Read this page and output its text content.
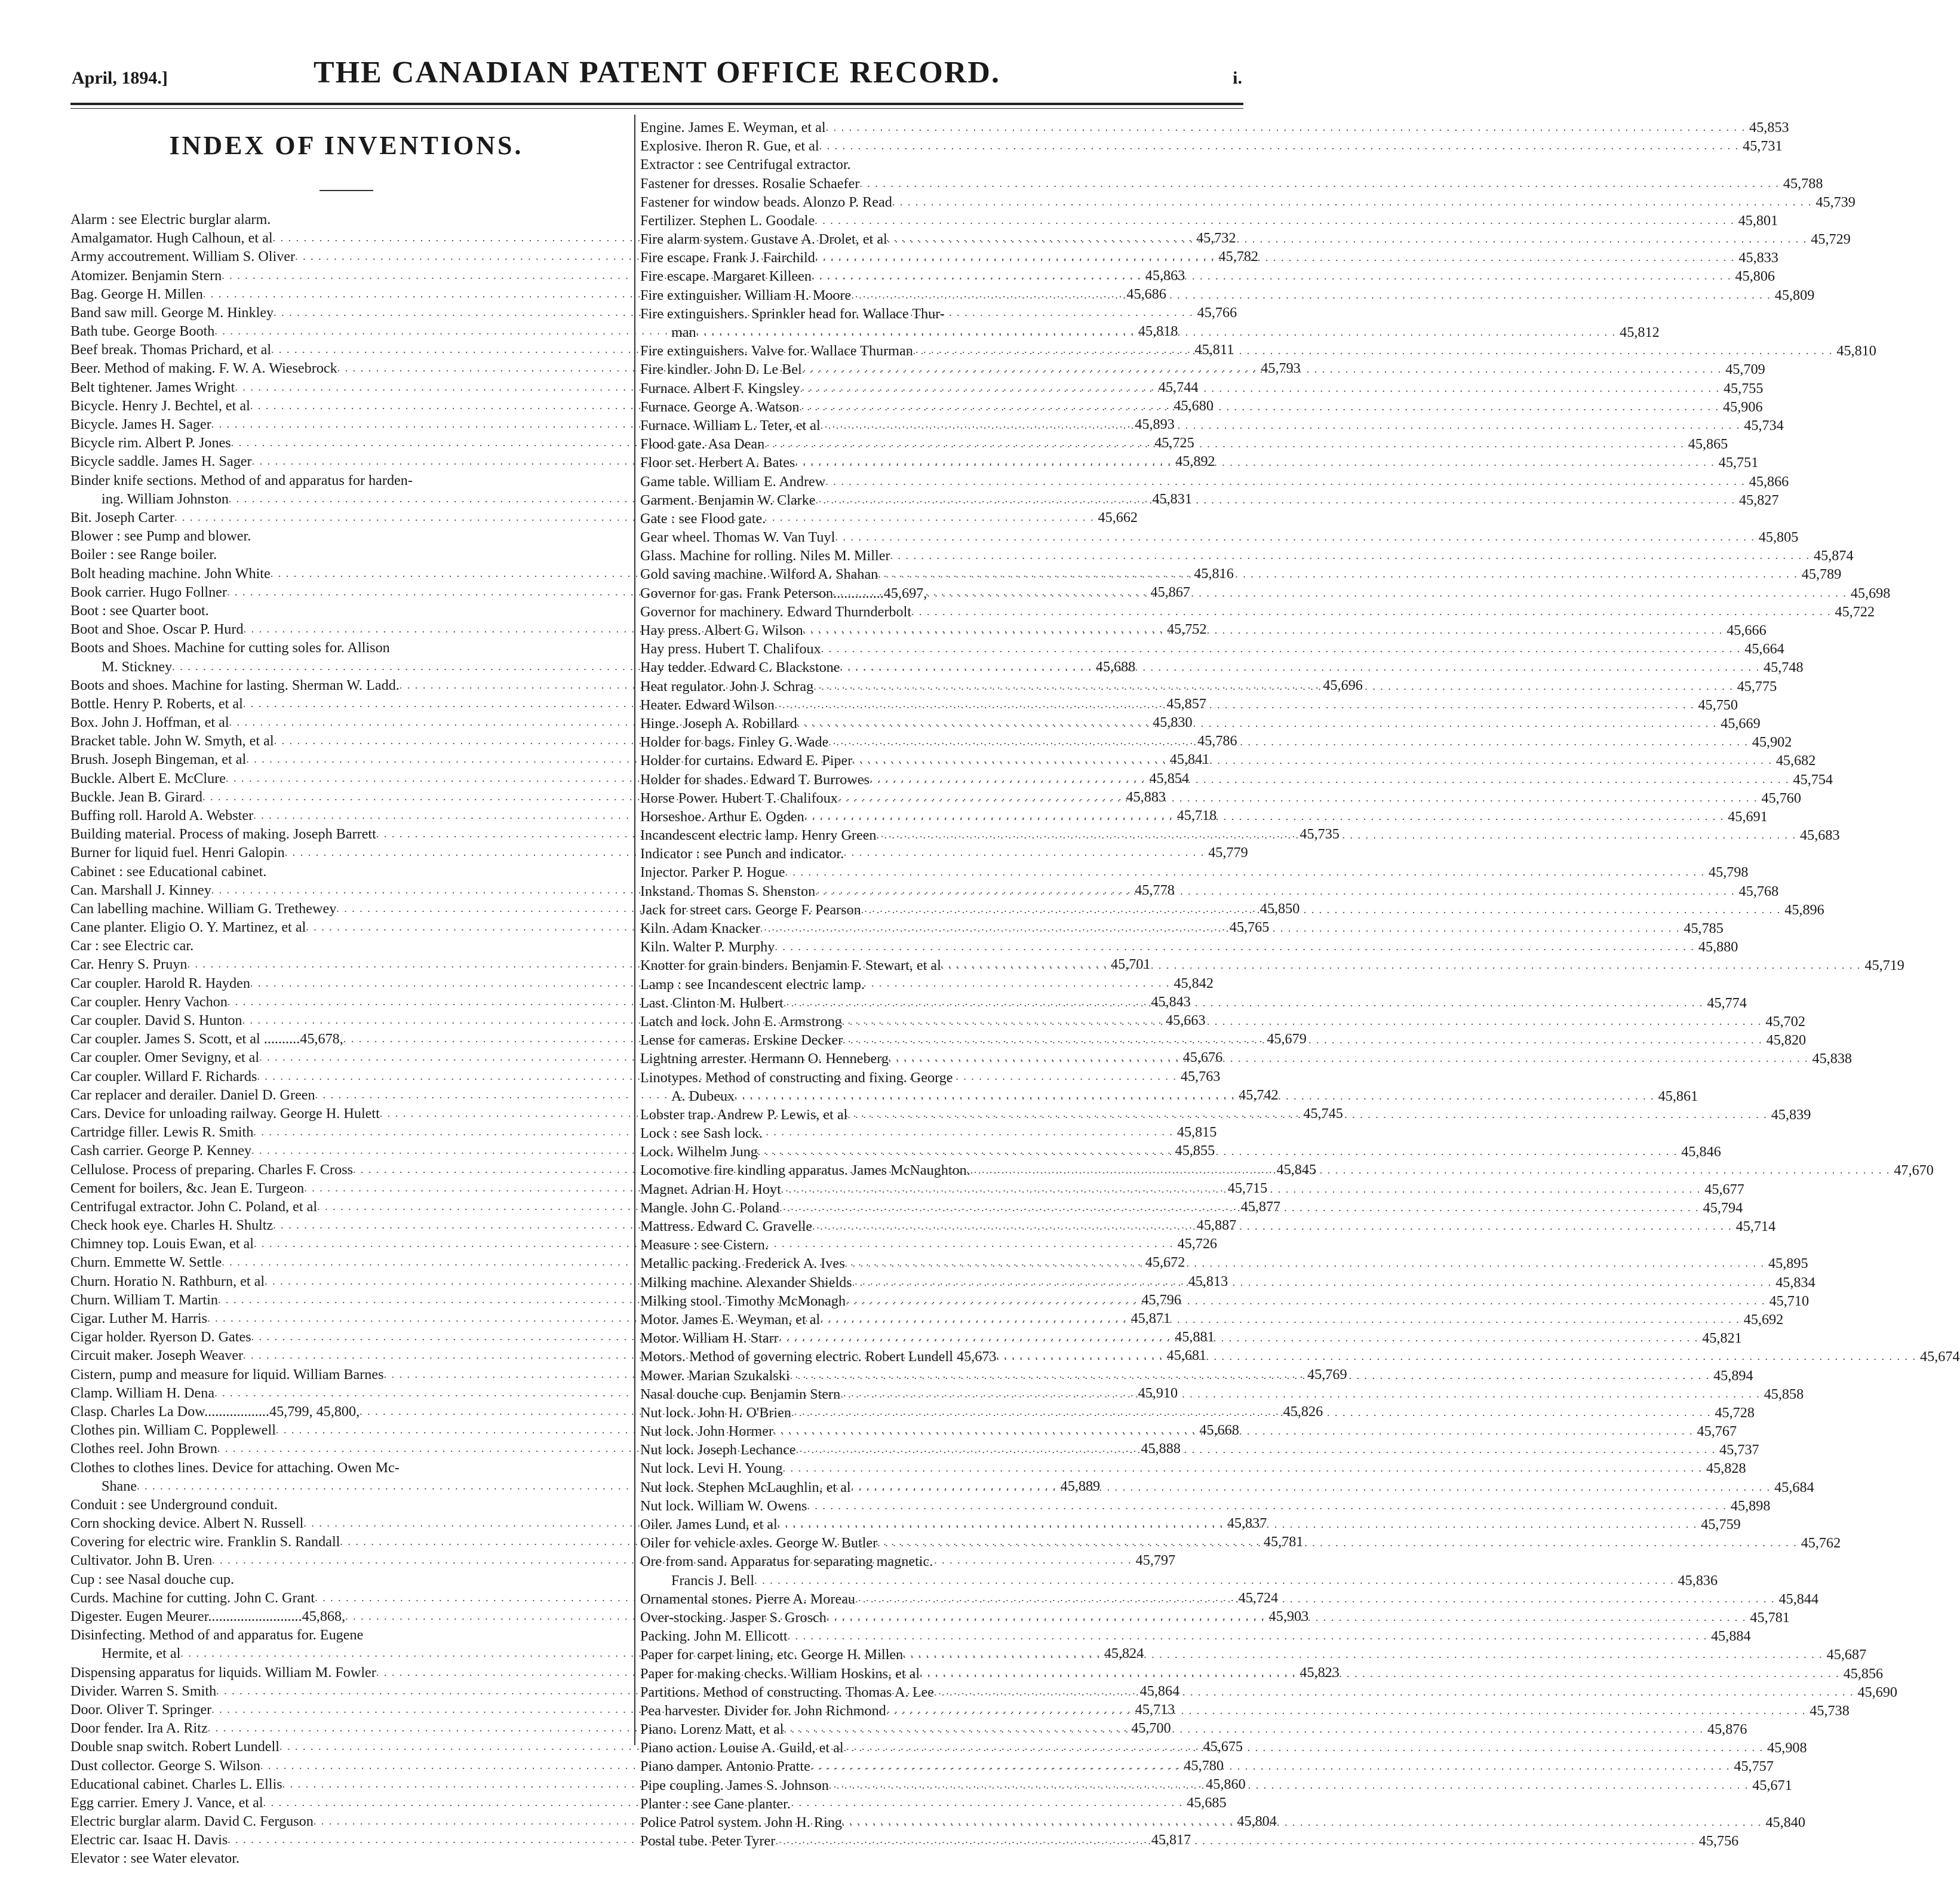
April, 1894.]	THE CANADIAN PATENT OFFICE RECORD.	i.
INDEX OF INVENTIONS.
Alarm : see Electric burglar alarm.
Amalgamator. Hugh Calhoun, et al . . .	45,732
Army accoutrement. William S. Oliver . . .	45,782
Atomizer. Benjamin Stern . . .	45,863
Bag. George H. Millen . . .	45,686
Band saw mill. George M. Hinkley . . .	45,766
Bath tube. George Booth . . .	45,818
Beef break. Thomas Prichard, et al . . .	45,811
Beer. Method of making. F. W. A. Wiesebrock . . .	45,793
Belt tightener. James Wright . . .	45,744
Bicycle. Henry J. Bechtel, et al . . .	45,680
Bicycle. James H. Sager . . .	45,893
Bicycle rim. Albert P. Jones . . .	45,725
Bicycle saddle. James H. Sager . . .	45,892
Binder knife sections. Method of and apparatus for harden-
ing. William Johnston . . .	45,831
Bit. Joseph Carter . . .	45,662
Blower : see Pump and blower.
Boiler : see Range boiler.
Bolt heading machine. John White . . .	45,816
Book carrier. Hugo Follner . . .	45,867
Boot : see Quarter boot.
Boot and Shoe. Oscar P. Hurd . . .	45,752
Boots and Shoes. Machine for cutting soles for. Allison
M. Stickney . . .	45,688
Boots and shoes. Machine for lasting. Sherman W. Ladd. . . .	45,696
Bottle. Henry P. Roberts, et al . . .	45,857
Box. John J. Hoffman, et al . . .	45,830
Bracket table. John W. Smyth, et al . . .	45,786
Brush. Joseph Bingeman, et al . . .	45,841
Buckle. Albert E. McClure . . .	45,854
Buckle. Jean B. Girard . . .	45,883
Buffing roll. Harold A. Webster . . .	45,718
Building material. Process of making. Joseph Barrett . . .	45,735
Burner for liquid fuel. Henri Galopin . . .	45,779
Cabinet : see Educational cabinet.
Can. Marshall J. Kinney . . .	45,778
Can labelling machine. William G. Trethewey . . .	45,850
Cane planter. Eligio O. Y. Martinez, et al . . .	45,765
Car : see Electric car.
Car. Henry S. Pruyn . . .	45,701
Car coupler. Harold R. Hayden . . .	45,842
Car coupler. Henry Vachon . . .	45,843
Car coupler. David S. Hunton . . .	45,663
Car coupler. James S. Scott, et al ..........45,678, . . .	45,679
Car coupler. Omer Sevigny, et al . . .	45,676
Car coupler. Willard F. Richards . . .	45,763
Car replacer and derailer. Daniel D. Green . . .	45,742
Cars. Device for unloading railway. George H. Hulett . . .	45,745
Cartridge filler. Lewis R. Smith . . .	45,815
Cash carrier. George P. Kenney . . .	45,855
Cellulose. Process of preparing. Charles F. Cross . . .	45,845
Cement for boilers, &c. Jean E. Turgeon . . .	45,715
Centrifugal extractor. John C. Poland, et al . . .	45,877
Check hook eye. Charles H. Shultz . . .	45,887
Chimney top. Louis Ewan, et al . . .	45,726
Churn. Emmette W. Settle . . .	45,672
Churn. Horatio N. Rathburn, et al . . .	45,813
Churn. William T. Martin . . .	45,796
Cigar. Luther M. Harris . . .	45,871
Cigar holder. Ryerson D. Gates . . .	45,881
Circuit maker. Joseph Weaver . . .	45,681
Cistern, pump and measure for liquid. William Barnes . . .	45,769
Clamp. William H. Dena . . .	45,910
Clasp. Charles La Dow..................45,799, 45,800, . . .	45,826
Clothes pin. William C. Popplewell . . .	45,668
Clothes reel. John Brown . . .	45,888
Clothes to clothes lines. Device for attaching. Owen Mc-
Shane . . .	45,889
Conduit : see Underground conduit.
Corn shocking device. Albert N. Russell . . .	45,837
Covering for electric wire. Franklin S. Randall . . .	45,781
Cultivator. John B. Uren . . .	45,797
Cup : see Nasal douche cup.
Curds. Machine for cutting. John C. Grant . . .	45,724
Digester. Eugen Meurer..........................45,868, . . .	45,903
Disinfecting. Method of and apparatus for. Eugene
Hermite, et al . . .	45,824
Dispensing apparatus for liquids. William M. Fowler . . .	45,823
Divider. Warren S. Smith . . .	45,864
Door. Oliver T. Springer . . .	45,713
Door fender. Ira A. Ritz . . .	45,700
Double snap switch. Robert Lundell . . .	45,675
Dust collector. George S. Wilson . . .	45,780
Educational cabinet. Charles L. Ellis . . .	45,860
Egg carrier. Emery J. Vance, et al . . .	45,685
Electric burglar alarm. David C. Ferguson . . .	45,804
Electric car. Isaac H. Davis . . .	45,817
Elevator : see Water elevator.
Engine. James E. Weyman, et al . . .	45,853
Explosive. Iheron R. Gue, et al . . .	45,731
Extractor : see Centrifugal extractor.
Fastener for dresses. Rosalie Schaefer . . .	45,788
Fastener for window beads. Alonzo P. Read . . .	45,739
Fertilizer. Stephen L. Goodale . . .	45,801
Fire alarm system. Gustave A. Drolet, et al . . .	45,729
Fire escape. Frank J. Fairchild . . .	45,833
Fire escape. Margaret Killeen . . .	45,806
Fire extinguisher. William H. Moore . . .	45,809
Fire extinguishers. Sprinkler head for. Wallace Thur-
man . . .	45,812
Fire extinguishers. Valve for. Wallace Thurman . . .	45,810
Fire kindler. John D. Le Bel . . .	45,709
Furnace. Albert F. Kingsley . . .	45,755
Furnace. George A. Watson . . .	45,906
Furnace. William L. Teter, et al . . .	45,734
Flood gate. Asa Dean . . .	45,865
Floor set. Herbert A. Bates . . .	45,751
Game table. William E. Andrew . . .	45,866
Garment. Benjamin W. Clarke . . .	45,827
Gate : see Flood gate.
Gear wheel. Thomas W. Van Tuyl . . .	45,805
Glass. Machine for rolling. Niles M. Miller . . .	45,874
Gold saving machine. Wilford A. Shahan . . .	45,789
Governor for gas. Frank Peterson..............45,697, . . .	45,698
Governor for machinery. Edward Thurnderbolt . . .	45,722
Hay press. Albert G. Wilson . . .	45,666
Hay press. Hubert T. Chalifoux . . .	45,664
Hay tedder. Edward C. Blackstone . . .	45,748
Heat regulator. John J. Schrag . . .	45,775
Heater. Edward Wilson . . .	45,750
Hinge. Joseph A. Robillard . . .	45,669
Holder for bags. Finley G. Wade . . .	45,902
Holder for curtains. Edward E. Piper . . .	45,682
Holder for shades. Edward T. Burrowes . . .	45,754
Horse Power. Hubert T. Chalifoux . . .	45,760
Horseshoe. Arthur E. Ogden . . .	45,691
Incandescent electric lamp. Henry Green . . .	45,683
Indicator : see Punch and indicator.
Injector. Parker P. Hogue . . .	45,798
Inkstand. Thomas S. Shenston . . .	45,768
Jack for street cars. George F. Pearson . . .	45,896
Kiln. Adam Knacker . . .	45,785
Kiln. Walter P. Murphy . . .	45,880
Knotter for grain binders. Benjamin F. Stewart, et al . . .	45,719
Lamp : see Incandescent electric lamp.
Last. Clinton M. Hulbert . . .	45,774
Latch and lock. John E. Armstrong . . .	45,702
Lense for cameras. Erskine Decker . . .	45,820
Lightning arrester. Hermann O. Henneberg . . .	45,838
Linotypes. Method of constructing and fixing. George
A. Dubeux . . .	45,861
Lobster trap. Andrew P. Lewis, et al . . .	45,839
Lock : see Sash lock.
Lock. Wilhelm Jung . . .	45,846
Locomotive fire kindling apparatus. James McNaughton. . . .	47,670
Magnet. Adrian H. Hoyt . . .	45,677
Mangle. John C. Poland . . .	45,794
Mattress. Edward C. Gravelle . . .	45,714
Measure : see Cistern.
Metallic packing. Frederick A. Ives . . .	45,895
Milking machine. Alexander Shields . . .	45,834
Milking stool. Timothy McMonagh . . .	45,710
Motor. James E. Weyman, et al . . .	45,692
Motor. William H. Starr . . .	45,821
Motors. Method of governing electric. Robert Lundell 45,673 . . .	45,674
Mower. Marian Szukalski . . .	45,894
Nasal douche cup. Benjamin Stern . . .	45,858
Nut lock. John H. O'Brien . . .	45,728
Nut lock. John Hormer . . .	45,767
Nut lock. Joseph Lechance . . .	45,737
Nut lock. Levi H. Young . . .	45,828
Nut lock. Stephen McLaughlin, et al . . .	45,684
Nut lock. William W. Owens . . .	45,898
Oiler. James Lund, et al . . .	45,759
Oiler for vehicle axles. George W. Butler . . .	45,762
Ore from sand. Apparatus for separating magnetic.
Francis J. Bell . . .	45,836
Ornamental stones. Pierre A. Moreau . . .	45,844
Over-stocking. Jasper S. Grosch . . .	45,781
Packing. John M. Ellicott . . .	45,884
Paper for carpet lining, etc. George H. Millen . . .	45,687
Paper for making checks. William Hoskins, et al . . .	45,856
Partitions. Method of constructing. Thomas A. Lee . . .	45,690
Pea harvester. Divider for. John Richmond . . .	45,738
Piano. Lorenz Matt, et al . . .	45,876
Piano action. Louise A. Guild, et al . . .	45,908
Piano damper. Antonio Pratte . . .	45,757
Pipe coupling. James S. Johnson . . .	45,671
Planter : see Cane planter.
Police Patrol system. John H. Ring . . .	45,840
Postal tube. Peter Tyrer . . .	45,756
